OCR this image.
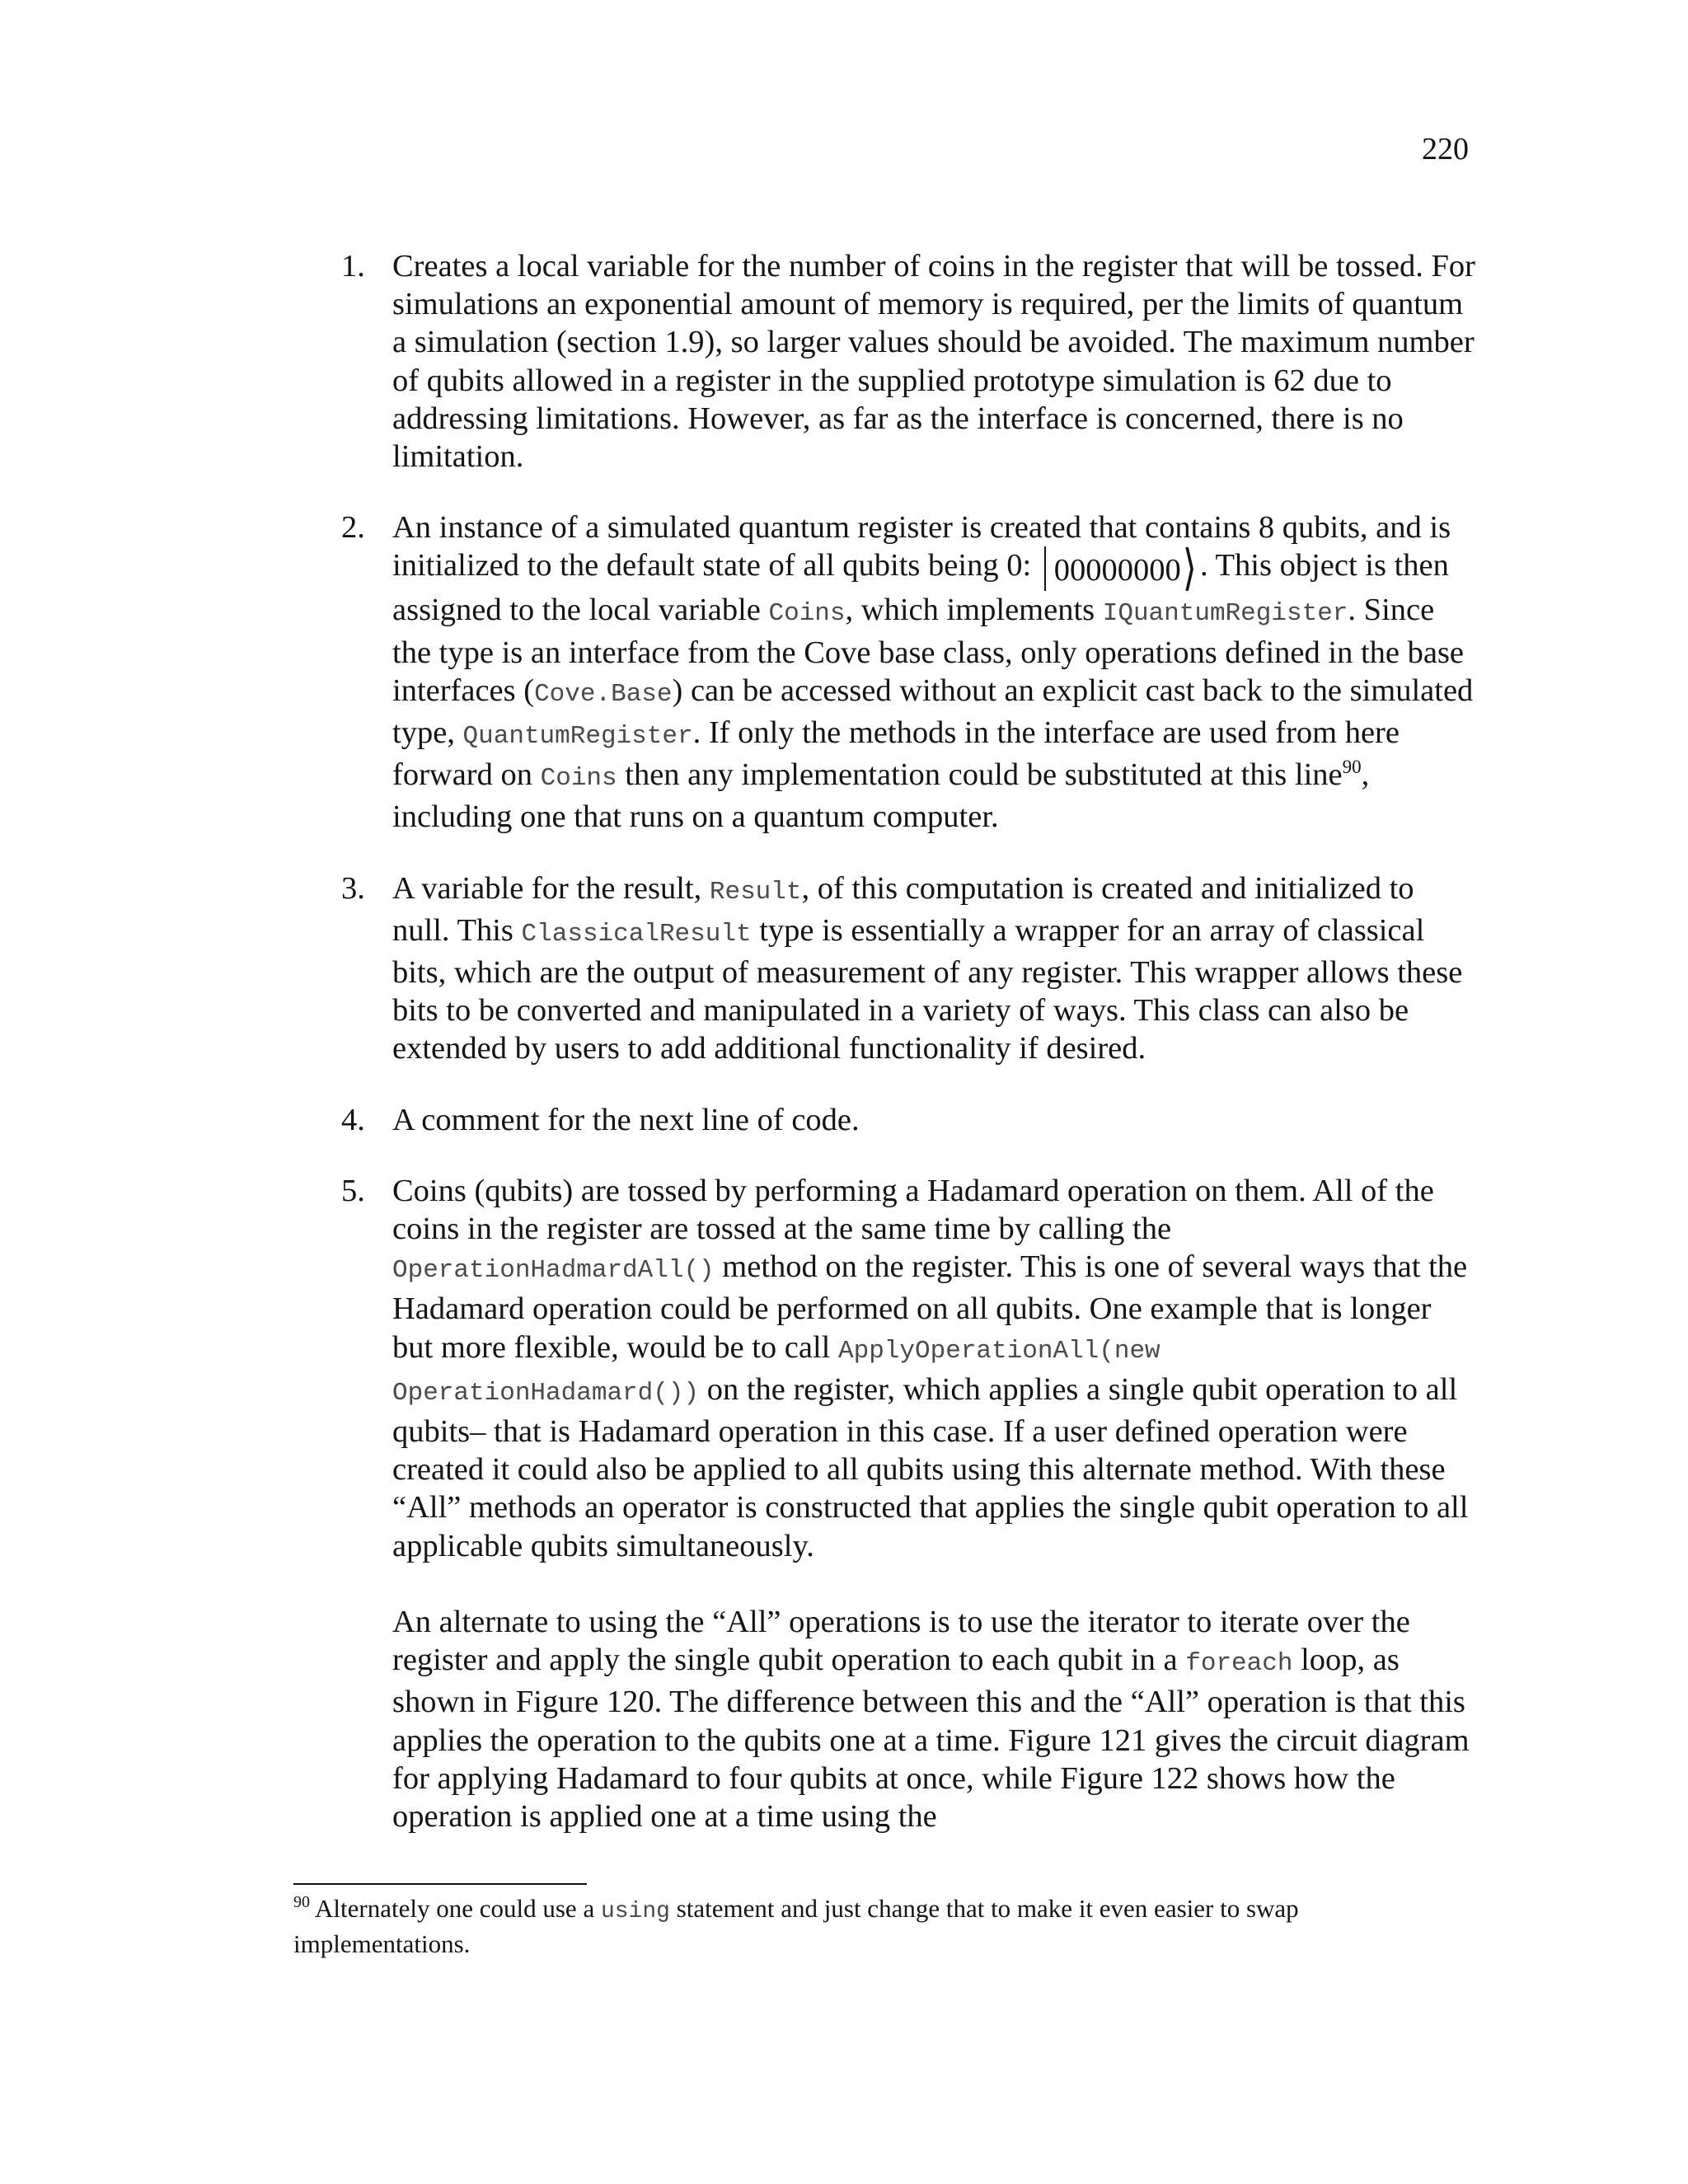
220
1. Creates a local variable for the number of coins in the register that will be tossed. For simulations an exponential amount of memory is required, per the limits of quantum a simulation (section 1.9), so larger values should be avoided. The maximum number of qubits allowed in a register in the supplied prototype simulation is 62 due to addressing limitations. However, as far as the interface is concerned, there is no limitation.

2. An instance of a simulated quantum register is created that contains 8 qubits, and is initialized to the default state of all qubits being 0: 00000000⟩ . This object is then assigned to the local variable Coins, which implements IQuantumRegister. Since the type is an interface from the Cove base class, only operations defined in the base interfaces (Cove.Base) can be accessed without an explicit cast back to the simulated type, QuantumRegister. If only the methods in the interface are used from here forward on Coins then any implementation could be substituted at this line$^{90}$, including one that runs on a quantum computer.

3. A variable for the result, Result, of this computation is created and initialized to null. This ClassicalResult type is essentially a wrapper for an array of classical bits, which are the output of measurement of any register. This wrapper allows these bits to be converted and manipulated in a variety of ways. This class can also be extended by users to add additional functionality if desired.

4. A comment for the next line of code.

5. Coins (qubits) are tossed by performing a Hadamard operation on them. All of the coins in the register are tossed at the same time by calling the OperationHadmardAll() method on the register. This is one of several ways that the Hadamard operation could be performed on all qubits. One example that is longer but more flexible, would be to call ApplyOperationAll(new OperationHadamard()) on the register, which applies a single qubit operation to all qubits– that is Hadamard operation in this case. If a user defined operation were created it could also be applied to all qubits using this alternate method. With these “All” methods an operator is constructed that applies the single qubit operation to all applicable qubits simultaneously.

An alternate to using the “All” operations is to use the iterator to iterate over the register and apply the single qubit operation to each qubit in a foreach loop, as shown in Figure 120. The difference between this and the “All” operation is that this applies the operation to the qubits one at a time. Figure 121 gives the circuit diagram for applying Hadamard to four qubits at once, while Figure 122 shows how the operation is applied one at a time using the

$^{90}$ Alternately one could use a using statement and just change that to make it even easier to swap implementations.
